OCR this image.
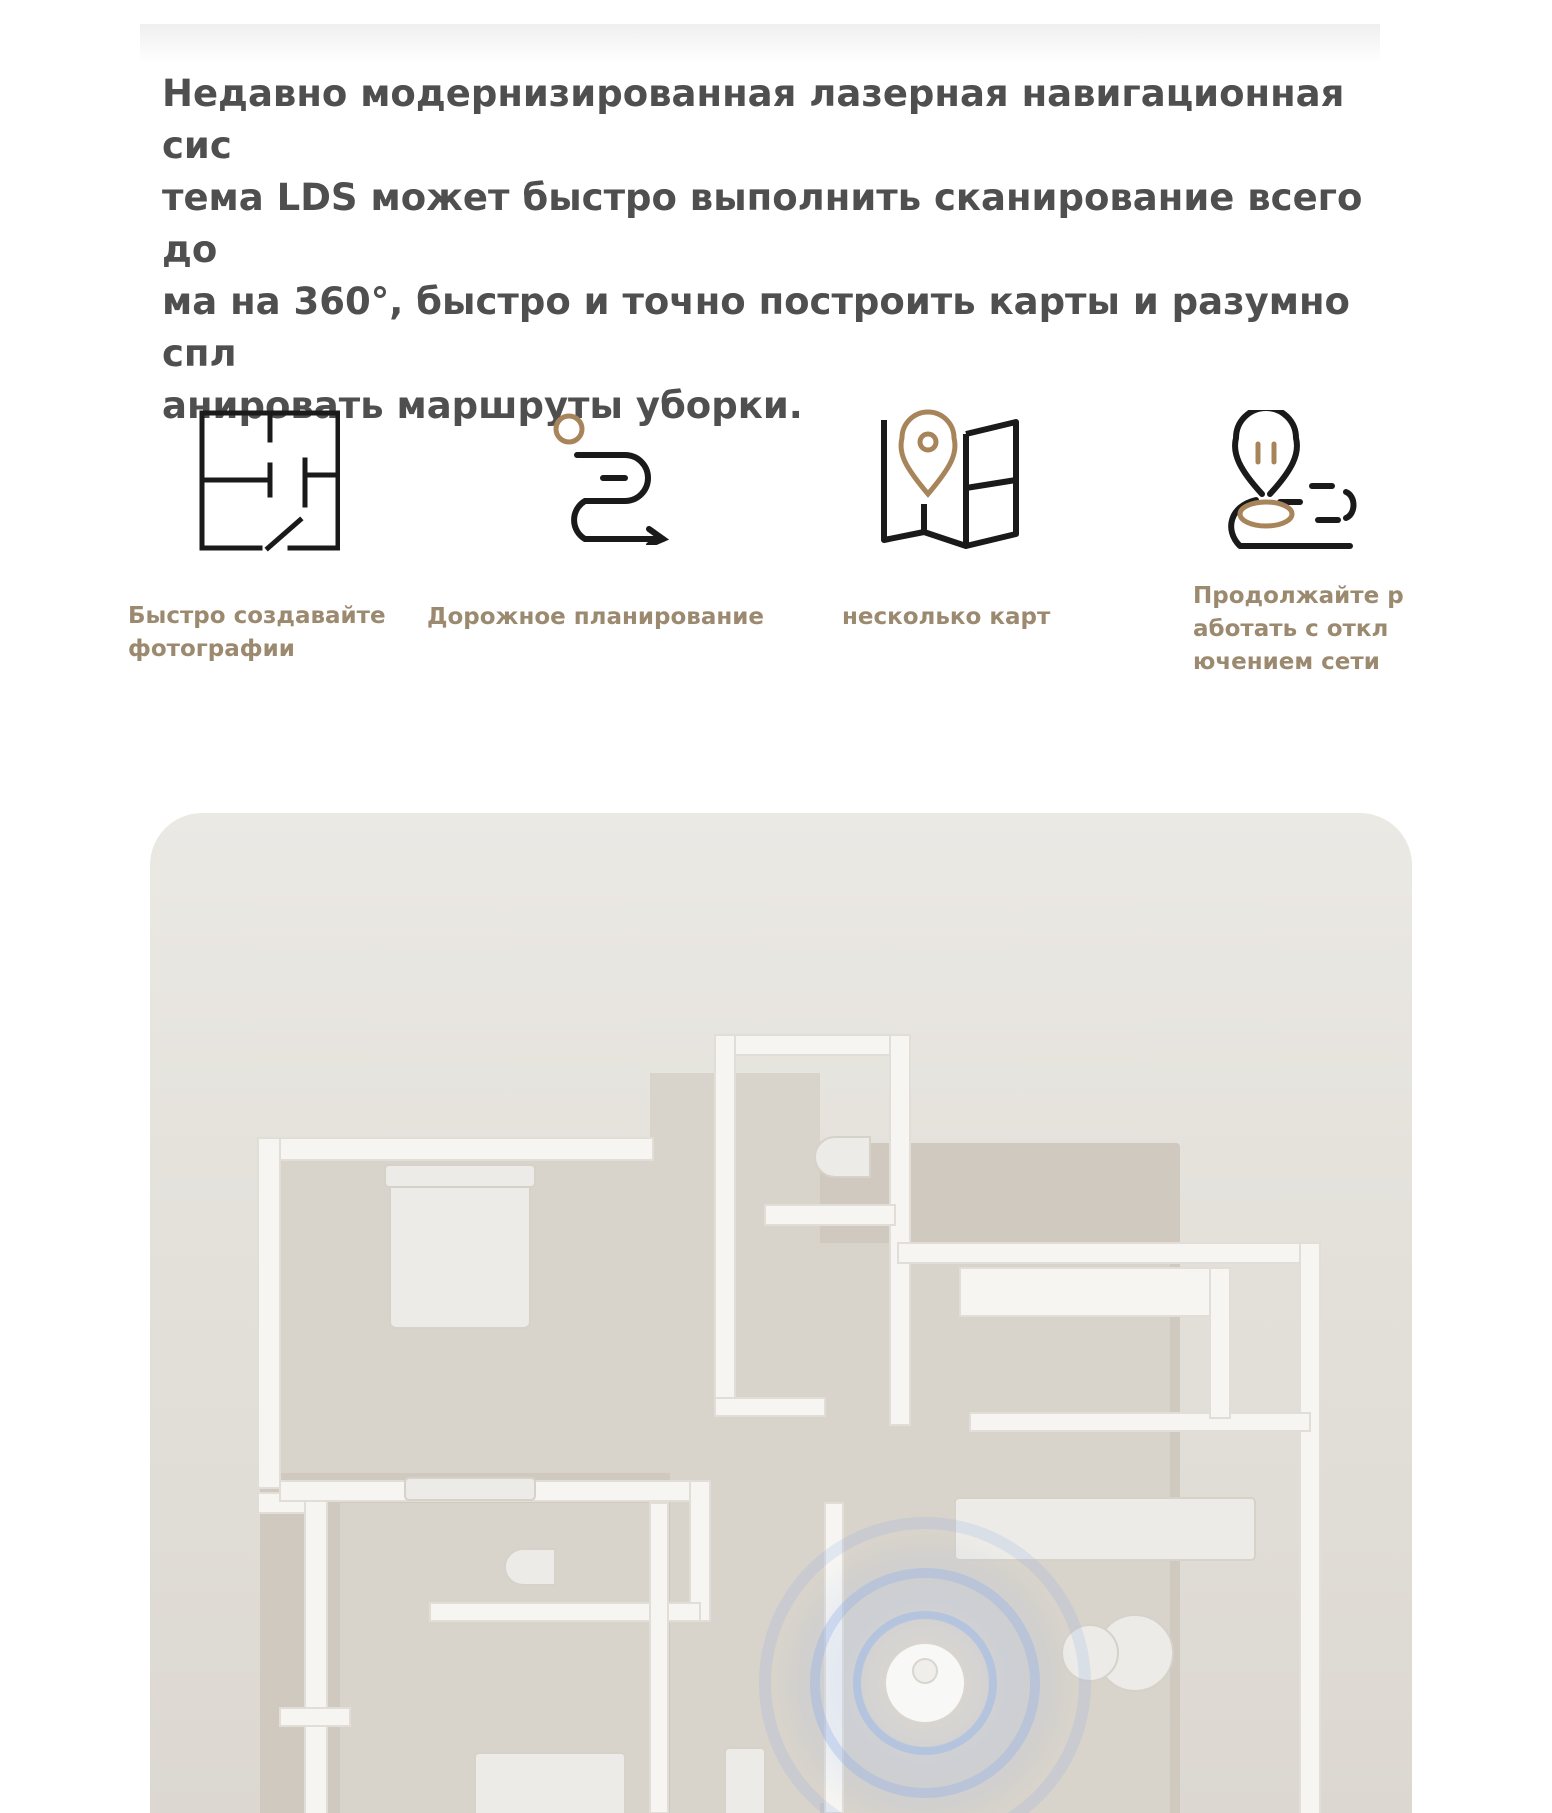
Недавно модернизированная лазерная навигационная сис
тема LDS может быстро выполнить сканирование всего до
ма на 360°, быстро и точно построить карты и разумно спл
анировать маршруты уборки.

Быстро создавайте
фотографии
Дорожное планирование	несколько карт
Продолжайте р
аботать с откл
ючением сети
